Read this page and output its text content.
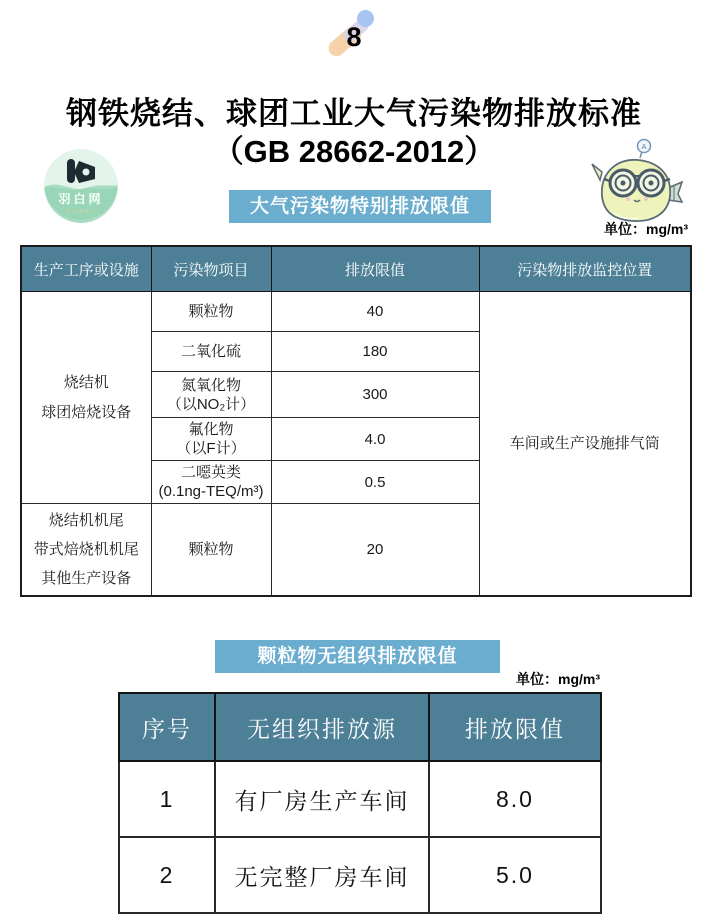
8
钢铁烧结、球团工业大气污染物排放标准
（GB 28662-2012）
羽白网
YUBAI
A
大气污染物特别排放限值
单位：mg/m³
生产工序或设施	污染物项目	排放限值	污染物排放监控位置

烧结机
球团焙烧设备	颗粒物	40	车间或生产设施排气筒
	二氧化硫	180	

	氮氧化物
（以NO₂计）	300	

	氟化物
（以F计）	4.0	

	二噁英类
(0.1ng-TEQ/m³)	0.5	

烧结机机尾
带式焙烧机机尾
其他生产设备	颗粒物	20	
颗粒物无组织排放限值
单位：mg/m³
序号	无组织排放源	排放限值
1	有厂房生产车间	8.0
2	无完整厂房车间	5.0
